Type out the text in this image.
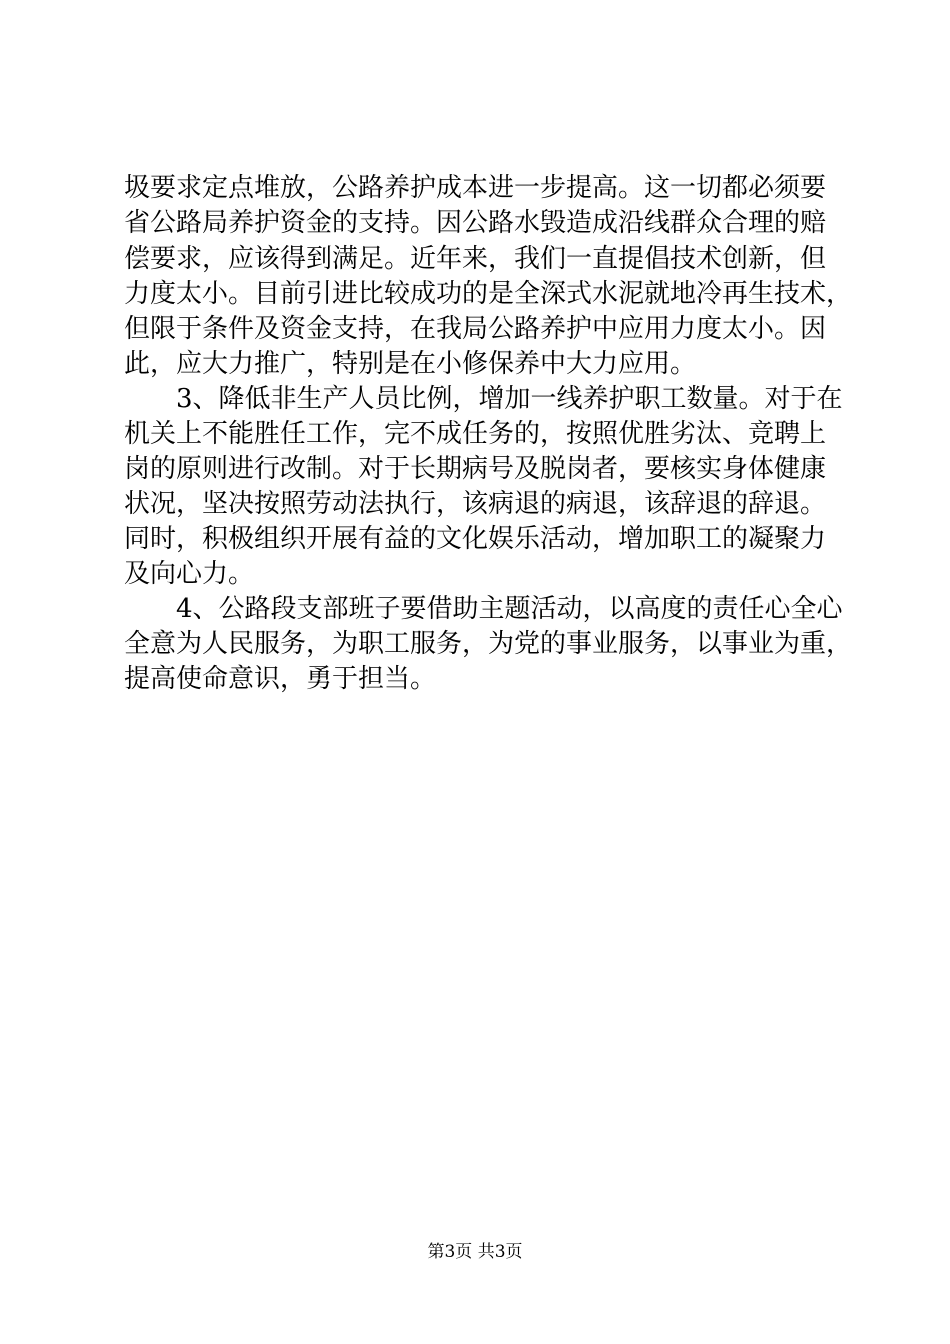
圾要求定点堆放，公路养护成本进一步提高。这一切都必须要

省公路局养护资金的支持。因公路水毁造成沿线群众合理的赔

偿要求，应该得到满足。近年来，我们一直提倡技术创新，但

力度太小。目前引进比较成功的是全深式水泥就地冷再生技术，

但限于条件及资金支持，在我局公路养护中应用力度太小。因

此，应大力推广，特别是在小修保养中大力应用。

3、降低非生产人员比例，增加一线养护职工数量。对于在

机关上不能胜任工作，完不成任务的，按照优胜劣汰、竞聘上

岗的原则进行改制。对于长期病号及脱岗者，要核实身体健康

状况，坚决按照劳动法执行，该病退的病退，该辞退的辞退。

同时，积极组织开展有益的文化娱乐活动，增加职工的凝聚力

及向心力。

4、公路段支部班子要借助主题活动，以高度的责任心全心

全意为人民服务，为职工服务，为党的事业服务，以事业为重，

提高使命意识，勇于担当。

第3页 共3页
